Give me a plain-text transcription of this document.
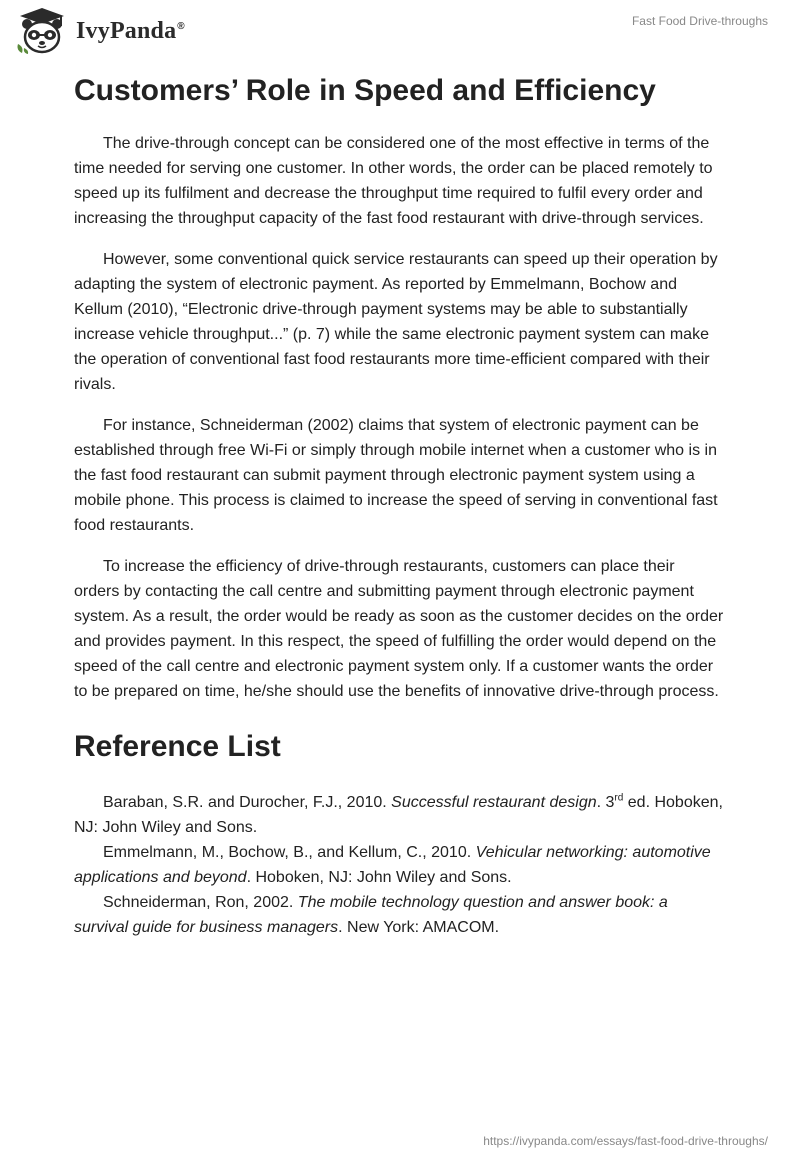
IvyPanda®	Fast Food Drive-throughs
Customers’ Role in Speed and Efficiency

The drive-through concept can be considered one of the most effective in terms of the time needed for serving one customer. In other words, the order can be placed remotely to speed up its fulfilment and decrease the throughput time required to fulfil every order and increasing the throughput capacity of the fast food restaurant with drive-through services.

However, some conventional quick service restaurants can speed up their operation by adapting the system of electronic payment. As reported by Emmelmann, Bochow and Kellum (2010), “Electronic drive-through payment systems may be able to substantially increase vehicle throughput...” (p. 7) while the same electronic payment system can make the operation of conventional fast food restaurants more time-efficient compared with their rivals.

For instance, Schneiderman (2002) claims that system of electronic payment can be established through free Wi-Fi or simply through mobile internet when a customer who is in the fast food restaurant can submit payment through electronic payment system using a mobile phone. This process is claimed to increase the speed of serving in conventional fast food restaurants.

To increase the efficiency of drive-through restaurants, customers can place their orders by contacting the call centre and submitting payment through electronic payment system. As a result, the order would be ready as soon as the customer decides on the order and provides payment. In this respect, the speed of fulfilling the order would depend on the speed of the call centre and electronic payment system only. If a customer wants the order to be prepared on time, he/she should use the benefits of innovative drive-through process.

Reference List

Baraban, S.R. and Durocher, F.J., 2010. Successful restaurant design. 3rd ed. Hoboken, NJ: John Wiley and Sons.

Emmelmann, M., Bochow, B., and Kellum, C., 2010. Vehicular networking: automotive applications and beyond. Hoboken, NJ: John Wiley and Sons.

Schneiderman, Ron, 2002. The mobile technology question and answer book: a survival guide for business managers. New York: AMACOM.

https://ivypanda.com/essays/fast-food-drive-throughs/
